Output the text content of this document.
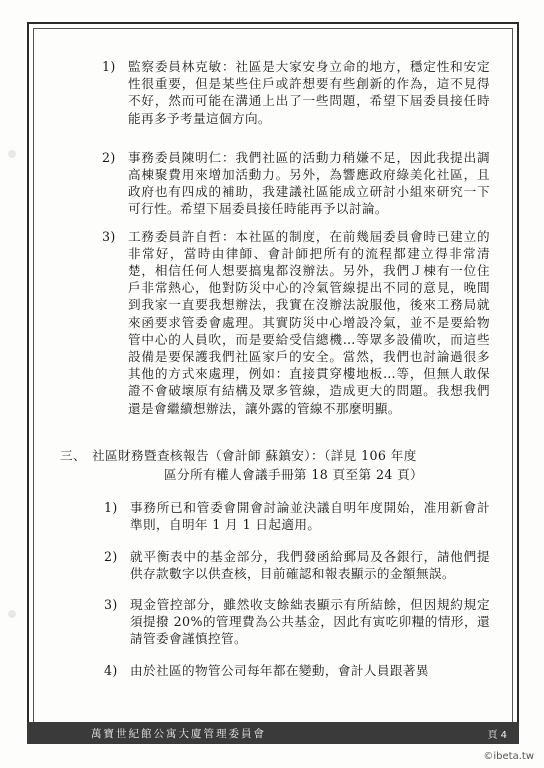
1) 監察委員林克敏：社區是大家安身立命的地方，穩定性和安定性很重要，但是某些住戶或許想要有些創新的作為，這不見得不好，然而可能在溝通上出了一些問題，希望下屆委員接任時能再多予考量這個方向。
2) 事務委員陳明仁：我們社區的活動力稍嫌不足，因此我提出調高棟聚費用來增加活動力。另外，為響應政府綠美化社區，且政府也有四成的補助，我建議社區能成立研討小組來研究一下可行性。希望下屆委員接任時能再予以討論。
3) 工務委員許自哲：本社區的制度，在前幾屆委員會時已建立的非常好，當時由律師、會計師把所有的流程都建立得非常清楚，相信任何人想要搞鬼都沒辦法。另外，我們Ｊ棟有一位住戶非常熱心，他對防災中心的冷氣管線提出不同的意見，晚間到我家一直要我想辦法，我實在沒辦法說服他，後來工務局就來函要求管委會處理。其實防災中心增設冷氣，並不是要給物管中心的人員吹，而是要給受信總機…等眾多設備吹，而這些設備是要保護我們社區家戶的安全。當然，我們也討論過很多其他的方式來處理，例如：直接貫穿樓地板…等，但無人敢保證不會破壞原有結構及眾多管線，造成更大的問題。我想我們還是會繼續想辦法，讓外露的管線不那麼明顯。
三、 社區財務暨查核報告（會計師 蘇鎮安）：（詳見 106 年度
區分所有權人會議手冊第 18 頁至第 24 頁）
1) 事務所已和管委會開會討論並決議自明年度開始，准用新會計準則，自明年 1 月 1 日起適用。
2) 就平衡表中的基金部分，我們發函給郵局及各銀行，請他們提供存款數字以供查核，目前確認和報表顯示的金額無誤。
3) 現金管控部分，雖然收支餘絀表顯示有所結餘，但因規約規定須提撥 20%的管理費為公共基金，因此有寅吃卯糧的情形，還請管委會謹慎控管。
4) 由於社區的物管公司每年都在變動，會計人員跟著異
萬寶世紀館公寓大廈管理委員會	頁 4
©ibeta.tw
